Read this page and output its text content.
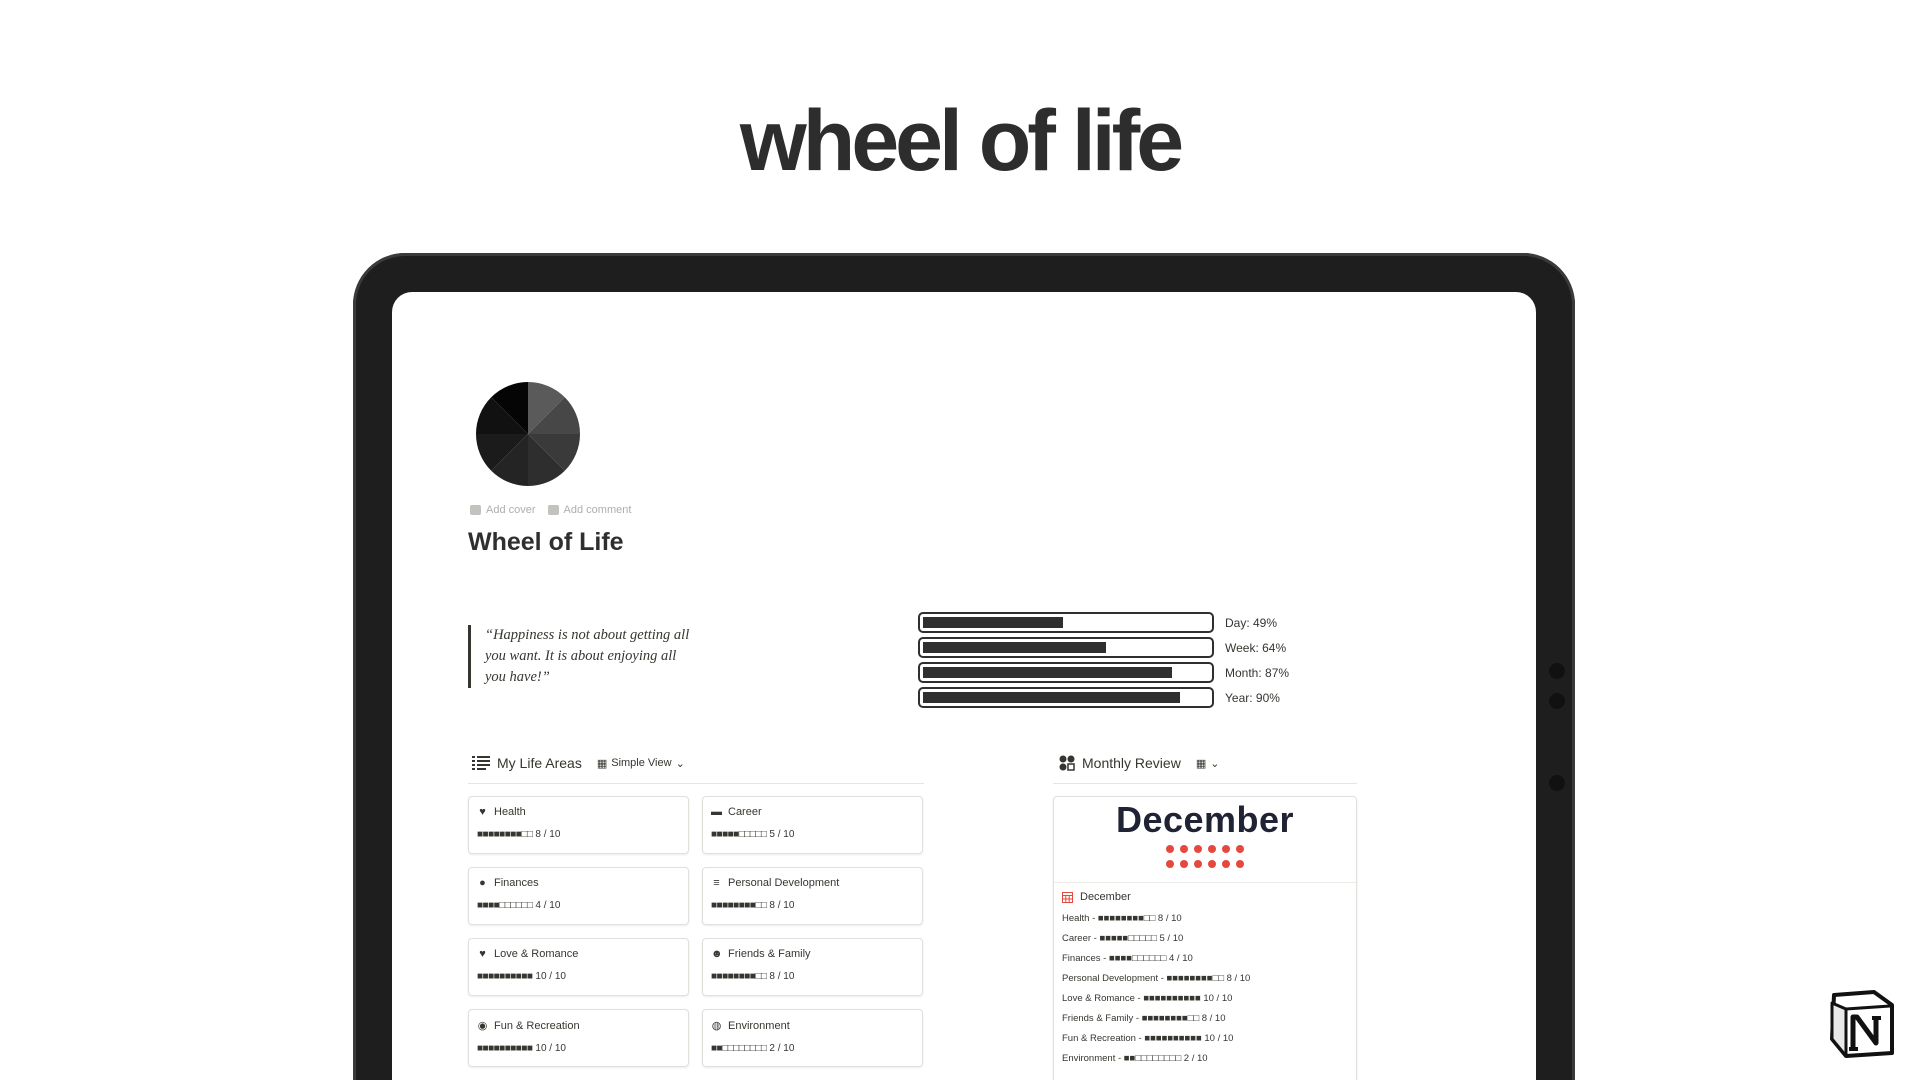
wheel of life
Add cover	Add comment
Wheel of Life
“Happiness is not about getting all you want. It is about enjoying all you have!”
Day: 49%
Week: 64%
Month: 87%
Year: 90%
My Life Areas ▦ Simple View ⌄
♥ Health
■■■■■■■■□□ 8 / 10
▬ Career
■■■■■□□□□□ 5 / 10
● Finances
■■■■□□□□□□ 4 / 10
≡ Personal Development
■■■■■■■■□□ 8 / 10
♥ Love & Romance
■■■■■■■■■■ 10 / 10
☻ Friends & Family
■■■■■■■■□□ 8 / 10
◉ Fun & Recreation
■■■■■■■■■■ 10 / 10
◍ Environment
■■□□□□□□□□ 2 / 10
Monthly Review ▦ ⌄
December
December
Health - ■■■■■■■■□□ 8 / 10
Career - ■■■■■□□□□□ 5 / 10
Finances - ■■■■□□□□□□ 4 / 10
Personal Development - ■■■■■■■■□□ 8 / 10
Love & Romance - ■■■■■■■■■■ 10 / 10
Friends & Family - ■■■■■■■■□□ 8 / 10
Fun & Recreation - ■■■■■■■■■■ 10 / 10
Environment - ■■□□□□□□□□ 2 / 10
